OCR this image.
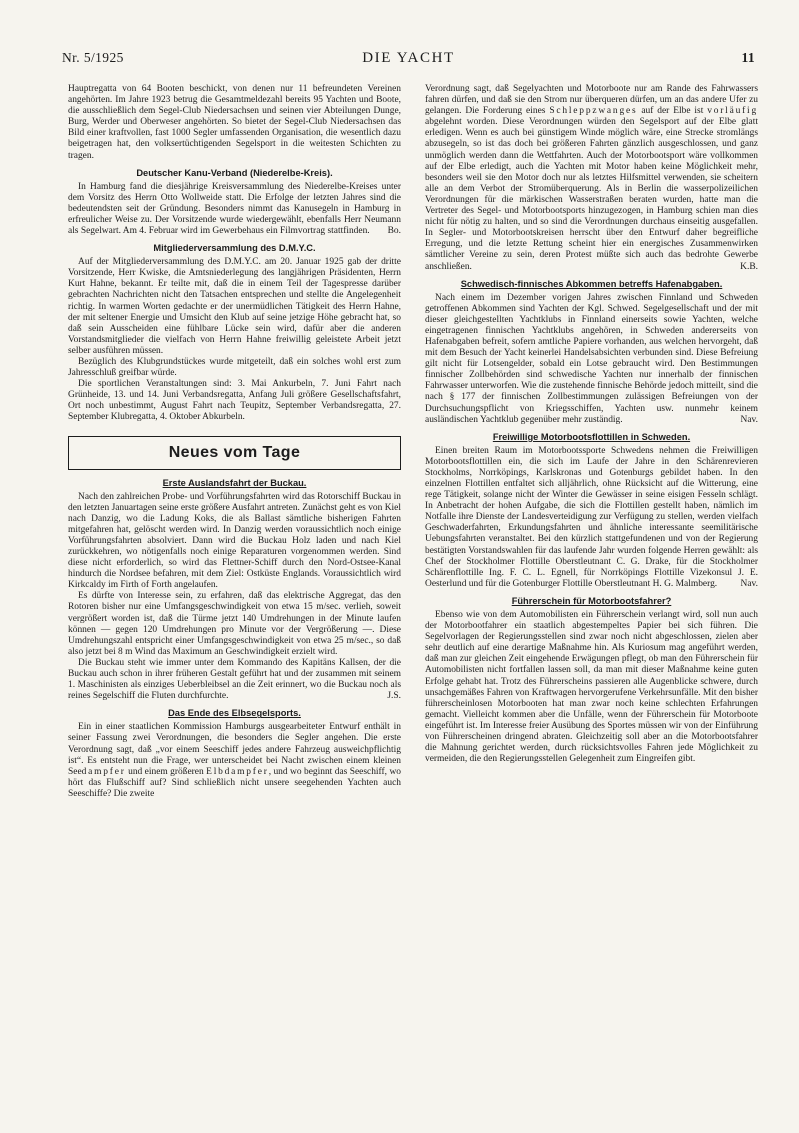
Nr. 5/1925	DIE YACHT	11

Hauptregatta von 64 Booten beschickt, von denen nur 11 befreundeten Vereinen angehörten. Im Jahre 1923 betrug die Gesamtmeldezahl bereits 95 Yachten und Boote, die ausschließlich dem Segel-Club Niedersachsen und seinen vier Abteilungen Dunge, Burg, Werder und Oberweser angehörten. So bietet der Segel-Club Niedersachsen das Bild einer kraftvollen, fast 1000 Segler umfassenden Organisation, die wesentlich dazu beigetragen hat, den volksertüchtigenden Segelsport in die weitesten Schichten zu tragen.

Deutscher Kanu-Verband (Niederelbe-Kreis).

In Hamburg fand die diesjährige Kreisversammlung des Niederelbe-Kreises unter dem Vorsitz des Herrn Otto Wollweide statt. Die Erfolge der letzten Jahres sind die bedeutendsten seit der Gründung. Besonders nimmt das Kanusegeln in Hamburg in erfreulicher Weise zu. Der Vorsitzende wurde wiedergewählt, ebenfalls Herr Neumann als Segelwart. Am 4. Februar wird im Gewerbehaus ein Filmvortrag stattfinden.	Bo.

Mitgliederversammlung des D.M.Y.C.

Auf der Mitgliederversammlung des D.M.Y.C. am 20. Januar 1925 gab der dritte Vorsitzende, Herr Kwiske, die Amtsniederlegung des langjährigen Präsidenten, Herrn Kurt Hahne, bekannt. Er teilte mit, daß die in einem Teil der Tagespresse darüber gebrachten Nachrichten nicht den Tatsachen entsprechen und stellte die Angelegenheit richtig. In warmen Worten gedachte er der unermüdlichen Tätigkeit des Herrn Hahne, der mit seltener Energie und Umsicht den Klub auf seine jetzige Höhe gebracht hat, so daß sein Ausscheiden eine fühlbare Lücke sein wird, dafür aber die anderen Vorstandsmitglieder die vielfach von Herrn Hahne freiwillig geleistete Arbeit jetzt selber ausführen müssen.

Bezüglich des Klubgrundstückes wurde mitgeteilt, daß ein solches wohl erst zum Jahresschluß greifbar würde.

Die sportlichen Veranstaltungen sind: 3. Mai Ankurbeln, 7. Juni Fahrt nach Grünheide, 13. und 14. Juni Verbandsregatta, Anfang Juli größere Gesellschaftsfahrt, Ort noch unbestimmt, August Fahrt nach Teupitz, September Verbandsregatta, 27. September Klubregatta, 4. Oktober Abkurbeln.

Neues vom Tage
Erste Auslandsfahrt der Buckau.

Nach den zahlreichen Probe- und Vorführungsfahrten wird das Rotorschiff Buckau in den letzten Januartagen seine erste größere Ausfahrt antreten. Zunächst geht es von Kiel nach Danzig, wo die Ladung Koks, die als Ballast sämtliche bisherigen Fahrten mitgefahren hat, gelöscht werden wird. In Danzig werden voraussichtlich noch einige Vorführungsfahrten absolviert. Dann wird die Buckau Holz laden und nach Kiel zurückkehren, wo nötigenfalls noch einige Reparaturen vorgenommen werden. Sind diese nicht erforderlich, so wird das Flettner-Schiff durch den Nord-Ostsee-Kanal hindurch die Nordsee befahren, mit dem Ziel: Ostküste Englands. Voraussichtlich wird Kirkcaldy im Firth of Forth angelaufen.

Es dürfte von Interesse sein, zu erfahren, daß das elektrische Aggregat, das den Rotoren bisher nur eine Umfangsgeschwindigkeit von etwa 15 m/sec. verlieh, soweit vergrößert worden ist, daß die Türme jetzt 140 Umdrehungen in der Minute laufen können — gegen 120 Umdrehungen pro Minute vor der Vergrößerung —. Diese Umdrehungszahl entspricht einer Umfangsgeschwindigkeit von etwa 25 m/sec., so daß also jetzt bei 8 m Wind das Maximum an Geschwindigkeit erzielt wird.

Die Buckau steht wie immer unter dem Kommando des Kapitäns Kallsen, der die Buckau auch schon in ihrer früheren Gestalt geführt hat und der zusammen mit seinem 1. Maschinisten als einziges Ueberbleibsel an die Zeit erinnert, wo die Buckau noch als reines Segelschiff die Fluten durchfurchte.	J.S.

Das Ende des Elbsegelsports.

Ein in einer staatlichen Kommission Hamburgs ausgearbeiteter Entwurf enthält in seiner Fassung zwei Verordnungen, die besonders die Segler angehen. Die erste Verordnung sagt, daß „vor einem Seeschiff jedes andere Fahrzeug ausweichpflichtig ist“. Es entsteht nun die Frage, wer unterscheidet bei Nacht zwischen einem kleinen Seedampfer und einem größeren Elbdampfer, und wo beginnt das Seeschiff, wo hört das Flußschiff auf? Sind schließlich nicht unsere seegehenden Yachten auch Seeschiffe? Die zweite

Verordnung sagt, daß Segelyachten und Motorboote nur am Rande des Fahrwassers fahren dürfen, und daß sie den Strom nur überqueren dürfen, um an das andere Ufer zu gelangen. Die Forderung eines Schleppzwanges auf der Elbe ist vorläufig abgelehnt worden. Diese Verordnungen würden den Segelsport auf der Elbe glatt erledigen. Wenn es auch bei günstigem Winde möglich wäre, eine Strecke stromlängs abzusegeln, so ist das doch bei größeren Fahrten gänzlich ausgeschlossen, und ganz unmöglich werden dann die Wettfahrten. Auch der Motorbootsport wäre vollkommen auf der Elbe erledigt, auch die Yachten mit Motor haben keine Möglichkeit mehr, besonders weil sie den Motor doch nur als letztes Hilfsmittel verwenden, sie scheitern alle an dem Verbot der Stromüberquerung. Als in Berlin die wasserpolizeilichen Verordnungen für die märkischen Wasserstraßen beraten wurden, hatte man die Vertreter des Segel- und Motorbootsports hinzugezogen, in Hamburg schien man dies nicht für nötig zu halten, und so sind die Verordnungen durchaus einseitig ausgefallen. In Segler- und Motorbootskreisen herrscht über den Entwurf daher begreifliche Erregung, und die letzte Rettung scheint hier ein energisches Zusammenwirken sämtlicher Vereine zu sein, deren Protest müßte sich auch das bedrohte Gewerbe anschließen.	K.B.

Schwedisch-finnisches Abkommen betreffs Hafenabgaben.

Nach einem im Dezember vorigen Jahres zwischen Finnland und Schweden getroffenen Abkommen sind Yachten der Kgl. Schwed. Segelgesellschaft und der mit dieser gleichgestellten Yachtklubs in Finnland einerseits sowie Yachten, welche eingetragenen finnischen Yachtklubs angehören, in Schweden andererseits von Hafenabgaben befreit, sofern amtliche Papiere vorhanden, aus welchen hervorgeht, daß mit dem Besuch der Yacht keinerlei Handelsabsichten verbunden sind. Diese Befreiung gilt nicht für Lotsengelder, sobald ein Lotse gebraucht wird. Den Bestimmungen finnischer Zollbehörden sind schwedische Yachten nur innerhalb der finnischen Fahrwasser unterworfen. Wie die zustehende finnische Behörde jedoch mitteilt, sind die nach § 177 der finnischen Zollbestimmungen zulässigen Befreiungen von der Durchsuchungspflicht von Kriegsschiffen, Yachten usw. nunmehr keinem ausländischen Yachtklub gegenüber mehr zuständig.	Nav.

Freiwillige Motorbootsflottillen in Schweden.

Einen breiten Raum im Motorbootssporte Schwedens nehmen die Freiwilligen Motorbootsflottillen ein, die sich im Laufe der Jahre in den Schärenrevieren Stockholms, Norrköpings, Karlskronas und Gotenburgs gebildet haben. In den einzelnen Flottillen entfaltet sich alljährlich, ohne Rücksicht auf die Witterung, eine rege Tätigkeit, solange nicht der Winter die Gewässer in seine eisigen Fesseln schlägt. In Anbetracht der hohen Aufgabe, die sich die Flottillen gestellt haben, nämlich im Notfalle ihre Dienste der Landesverteidigung zur Verfügung zu stellen, werden vielfach Geschwaderfahrten, Erkundungsfahrten und ähnliche interessante seemilitärische Uebungsfahrten veranstaltet. Bei den kürzlich stattgefundenen und von der Regierung bestätigten Vorstandswahlen für das laufende Jahr wurden folgende Herren gewählt: als Chef der Stockholmer Flottille Oberstleutnant C. G. Drake, für die Stockholmer Schärenflottille Ing. F. C. L. Egnell, für Norrköpings Flottille Vizekonsul J. E. Oesterlund und für die Gotenburger Flottille Oberstleutnant H. G. Malmberg.	Nav.

Führerschein für Motorbootsfahrer?

Ebenso wie von dem Automobilisten ein Führerschein verlangt wird, soll nun auch der Motorbootfahrer ein staatlich abgestempeltes Papier bei sich führen. Die Segelvorlagen der Regierungsstellen sind zwar noch nicht abgeschlossen, zielen aber sehr deutlich auf eine derartige Maßnahme hin. Als Kuriosum mag angeführt werden, daß man zur gleichen Zeit eingehende Erwägungen pflegt, ob man den Führerschein für Automobilisten nicht fortfallen lassen soll, da man mit dieser Maßnahme keine guten Erfolge gehabt hat. Trotz des Führerscheins passieren alle Augenblicke schwere, durch unsachgemäßes Fahren von Kraftwagen hervorgerufene Verkehrsunfälle. Mit den bisher führerscheinlosen Motorbooten hat man zwar noch keine schlechten Erfahrungen gemacht. Vielleicht kommen aber die Unfälle, wenn der Führerschein für Motorboote eingeführt ist. Im Interesse freier Ausübung des Sportes müssen wir von der Einführung von Führerscheinen dringend abraten. Gleichzeitig soll aber an die Motorbootsfahrer die Mahnung gerichtet werden, durch rücksichtsvolles Fahren jede Möglichkeit zu vermeiden, die den Regierungsstellen Gelegenheit zum Eingreifen gibt.
